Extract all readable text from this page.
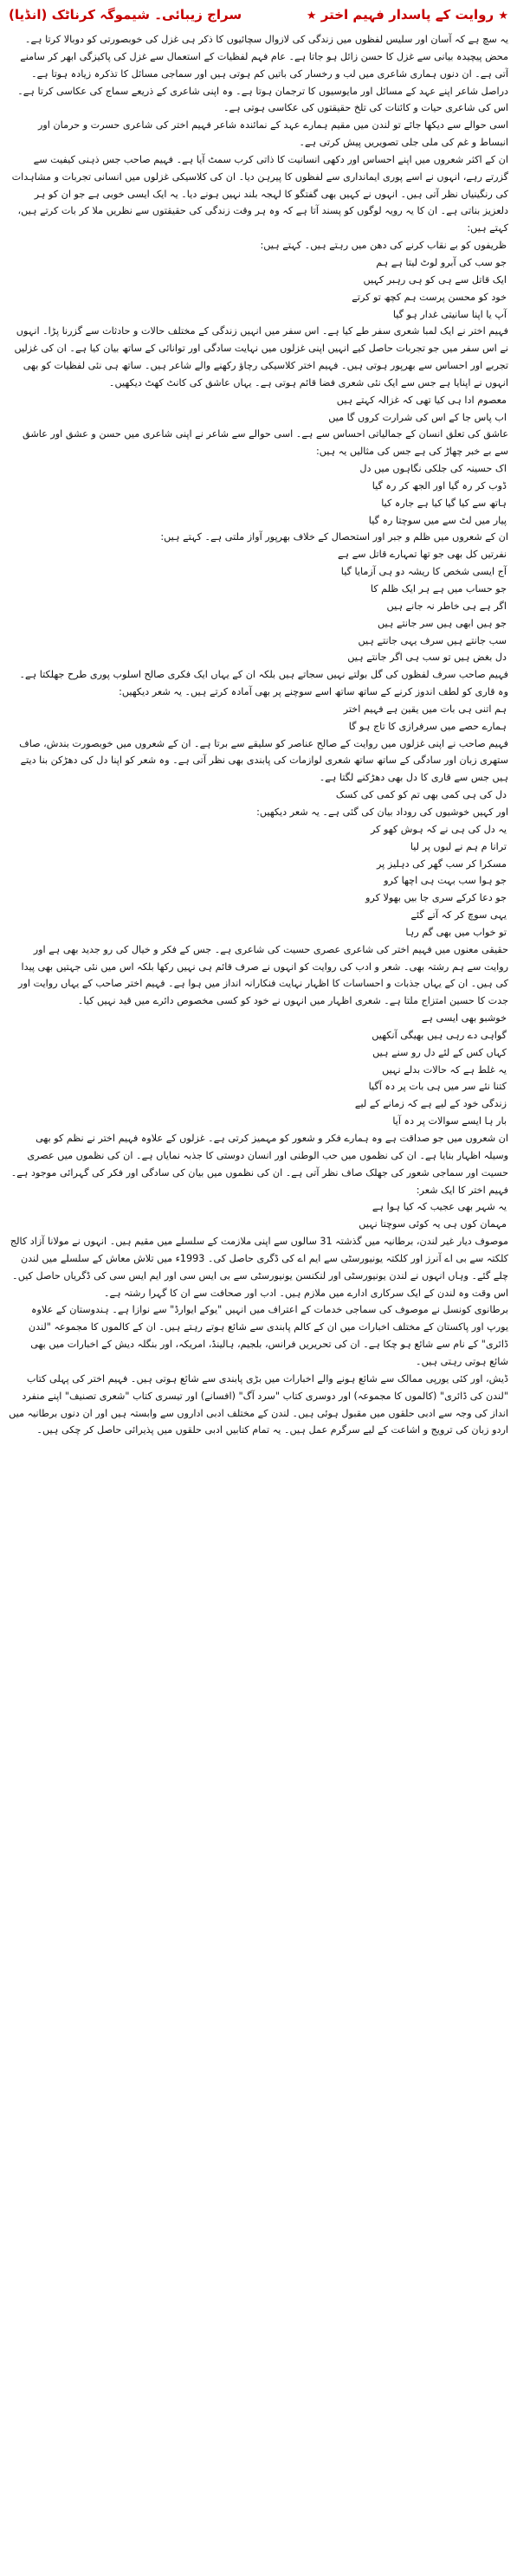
★ روایت کے پاسدار فہیم اختر ★
سراج زیبائی۔ شیموگہ کرناٹک (انڈیا)

یہ سچ ہے کہ آسان اور سلیس لفظوں میں زندگی کی لازوال سچائیوں کا ذکر ہی غزل کی خوبصورتی کو دوبالا کرتا ہے۔ محض پیچیدہ بیانی سے غزل کا حسن زائل ہو جاتا ہے۔ عام فہم لفظیات کے استعمال سے غزل کی پاکیزگی ابھر کر سامنے آتی ہے۔ ان دنوں ہماری شاعری میں لب و رخسار کی باتیں کم ہوتی ہیں اور سماجی مسائل کا تذکرہ زیادہ ہوتا ہے۔ دراصل شاعر اپنے عہد کے مسائل اور مایوسیوں کا ترجمان ہوتا ہے۔ وہ اپنی شاعری کے ذریعے سماج کی عکاسی کرتا ہے۔ اس کی شاعری حیات و کائنات کی تلخ حقیقتوں کی عکاسی ہوتی ہے۔

اسی حوالے سے دیکھا جائے تو لندن میں مقیم ہمارے عہد کے نمائندہ شاعر فہیم اختر کی شاعری حسرت و حرمان اور انبساط و غم کی ملی جلی تصویریں پیش کرتی ہے۔

ان کے اکثر شعروں میں اپنے احساس اور دکھی انسانیت کا ذاتی کرب سمٹ آیا ہے۔ فہیم صاحب جس ذہنی کیفیت سے گزرتے رہے، انہوں نے اسے پوری ایمانداری سے لفظوں کا پیرہن دیا۔ ان کی کلاسیکی غزلوں میں انسانی تجربات و مشاہدات کی رنگینیاں نظر آتی ہیں۔ انہوں نے کہیں بھی گفتگو کا لہجہ بلند نہیں ہونے دیا۔ یہ ایک ایسی خوبی ہے جو ان کو ہر دلعزیز بناتی ہے۔ ان کا یہ رویہ لوگوں کو پسند آتا ہے کہ وہ ہر وقت زندگی کی حقیقتوں سے نظریں ملا کر بات کرتے ہیں، کہتے ہیں:

ظریفوں کو بے نقاب کرنے کی دھن میں رہتے ہیں۔ کہتے ہیں:

جو سب کی آبرو لوٹ لیتا ہے ہم

ایک قاتل سے ہی کو ہی رہبر کہیں

خود کو محسن پرست ہم کچھ تو کرتے

آپ یا اپنا سانیتی غدار ہو گیا

فہیم اختر نے ایک لمبا شعری سفر طے کیا ہے۔ اس سفر میں انہیں زندگی کے مختلف حالات و حادثات سے گزرنا پڑا۔ انہوں نے اس سفر میں جو تجربات حاصل کیے انہیں اپنی غزلوں میں نہایت سادگی اور توانائی کے ساتھ بیان کیا ہے۔ ان کی غزلیں تجربے اور احساس سے بھرپور ہوتی ہیں۔ فہیم اختر کلاسیکی رچاؤ رکھنے والے شاعر ہیں۔ ساتھ ہی نئی لفظیات کو بھی انہوں نے اپنایا ہے جس سے ایک نئی شعری فضا قائم ہوتی ہے۔ یہاں عاشق کی کانٹ کھٹ دیکھیں۔

معصوم ادا ہی کیا تھی کہ غزالہ کہتے ہیں

اب پاس جا کے اس کی شرارت کروں گا میں

عاشق کی تعلق انسان کے جمالیاتی احساس سے ہے۔ اسی حوالے سے شاعر نے اپنی شاعری میں حسن و عشق اور عاشق سے بے خبر چھاڑ کی ہے جس کی مثالیں یہ ہیں:

اک حسینہ کی جلکی نگاہوں میں دل

ڈوب کر رہ گیا اور الجھ کر رہ گیا

ہاتھ سے کیا گیا کیا ہے جارہ کیا

پیار میں لٹ سے میں سوچتا رہ گیا

ان کے شعروں میں ظلم و جبر اور استحصال کے خلاف بھرپور آواز ملتی ہے۔ کہتے ہیں:

نفرتیں کل بھی جو تھا تمہارے قاتل سے ہے

آج ایسی شخص کا ریشہ دو ہی آزمایا گیا

جو حساب میں ہے ہر ایک ظلم کا

اگر ہے ہی خاطر نہ جانے ہیں

جو ہیں ابھی ہیں سر جانتے ہیں

سب جانتے ہیں سرف یہی جانتے ہیں

دل بغض ہیں تو سب ہی اگر جانتے ہیں

فہیم صاحب سرف لفظوں کی گل بولتے نہیں سجاتے ہیں بلکہ ان کے یہاں ایک فکری صالح اسلوب پوری طرح جھلکتا ہے۔ وہ قاری کو لطف اندوز کرنے کے ساتھ ساتھ اسے سوچنے پر بھی آمادہ کرتے ہیں۔ یہ شعر دیکھیں:

ہم اتنی ہی بات میں یقین ہے فہیم اختر

ہمارے حصے میں سرفرازی کا تاج ہو گا

فہیم صاحب نے اپنی غزلوں میں روایت کے صالح عناصر کو سلیقے سے برتا ہے۔ ان کے شعروں میں خوبصورت بندش، صاف ستھری زبان اور سادگی کے ساتھ ساتھ شعری لوازمات کی پابندی بھی نظر آتی ہے۔ وہ شعر کو اپنا دل کی دھڑکن بنا دیتے ہیں جس سے قاری کا دل بھی دھڑکنے لگتا ہے۔

دل کی ہی کمی بھی تم کو کمی کی کسک

اور کہیں خوشیوں کی روداد بیان کی گئی ہے۔ یہ شعر دیکھیں:

یہ دل کی ہی نے کہ ہوش کھو کر

ترانا م ہم نے لبوں پر لیا

مسکرا کر سب گھر کی دہلیز پر

جو ہوا سب بہت ہی اچھا کرو

جو دعا کرکے سری جا بیں بھولا کرو

یہی سوچ کر کہ آتے گئے

تو خواب میں بھی گم رہا

حقیقی معنوں میں فہیم اختر کی شاعری عصری حسیت کی شاعری ہے۔ جس کے فکر و خیال کی رو جدید بھی ہے اور روایت سے ہم رشتہ بھی۔ شعر و ادب کی روایت کو انہوں نے صرف قائم ہی نہیں رکھا بلکہ اس میں نئی جہتیں بھی پیدا کی ہیں۔ ان کے یہاں جذبات و احساسات کا اظہار نہایت فنکارانہ انداز میں ہوا ہے۔ فہیم اختر صاحب کے یہاں روایت اور جدت کا حسین امتزاج ملتا ہے۔ شعری اظہار میں انہوں نے خود کو کسی مخصوص دائرے میں قید نہیں کیا۔

خوشبو بھی ایسی ہے

گواہی دے رہی ہیں بھیگی آنکھیں

کہاں کس کے لئے دل رو سنے ہیں

یہ غلط ہے کہ حالات بدلے نہیں

کتنا نئے سر میں ہی بات پر دہ آگیا

زندگی خود کے لیے ہے کہ زمانے کے لیے

بار ہا ایسے سوالات پر دہ آیا

ان شعروں میں جو صداقت ہے وہ ہمارے فکر و شعور کو مہمیز کرتی ہے۔ غزلوں کے علاوہ فہیم اختر نے نظم کو بھی وسیلہ اظہار بنایا ہے۔ ان کی نظموں میں حب الوطنی اور انسان دوستی کا جذبہ نمایاں ہے۔ ان کی نظموں میں عصری حسیت اور سماجی شعور کی جھلک صاف نظر آتی ہے۔ ان کی نظموں میں بیان کی سادگی اور فکر کی گہرائی موجود ہے۔

فہیم اختر کا ایک شعر:

یہ شہر بھی عجیب کہ کیا ہوا ہے

مہمان کوں ہی یہ کوئی سوچتا نہیں

موصوف دیار غیر لندن، برطانیہ میں گذشتہ 31 سالوں سے اپنی ملازمت کے سلسلے میں مقیم ہیں۔ انہوں نے مولانا آزاد کالج کلکتہ سے بی اے آنرز اور کلکتہ یونیورسٹی سے ایم اے کی ڈگری حاصل کی۔ 1993ء میں تلاش معاش کے سلسلے میں لندن چلے گئے۔ وہاں انہوں نے لندن یونیورسٹی اور لنکنسن یونیورسٹی سے بی ایس سی اور ایم ایس سی کی ڈگریاں حاصل کیں۔ اس وقت وہ لندن کے ایک سرکاری ادارے میں ملازم ہیں۔ ادب اور صحافت سے ان کا گہرا رشتہ ہے۔

برطانوی کونسل نے موصوف کی سماجی خدمات کے اعتراف میں انہیں "یوکے ایوارڈ" سے نوازا ہے۔ ہندوستان کے علاوہ یورپ اور پاکستان کے مختلف اخبارات میں ان کے کالم پابندی سے شائع ہوتے رہتے ہیں۔ ان کے کالموں کا مجموعہ "لندن ڈائری" کے نام سے شائع ہو چکا ہے۔ ان کی تحریریں فرانس، بلجیم، ہالینڈ، امریکہ، اور بنگلہ دیش کے اخبارات میں بھی شائع ہوتی رہتی ہیں۔

ڈیش، اور کئی یورپی ممالک سے شائع ہونے والے اخبارات میں بڑی پابندی سے شائع ہوتی ہیں۔ فہیم اختر کی پہلی کتاب "لندن کی ڈائری" (کالموں کا مجموعہ) اور دوسری کتاب "سرد آگ" (افسانے) اور تیسری کتاب "شعری تصنیف" اپنے منفرد انداز کی وجہ سے ادبی حلقوں میں مقبول ہوئی ہیں۔ لندن کے مختلف ادبی اداروں سے وابستہ ہیں اور ان دنوں برطانیہ میں اردو زبان کی ترویج و اشاعت کے لیے سرگرم عمل ہیں۔ یہ تمام کتابیں ادبی حلقوں میں پذیرائی حاصل کر چکی ہیں۔
